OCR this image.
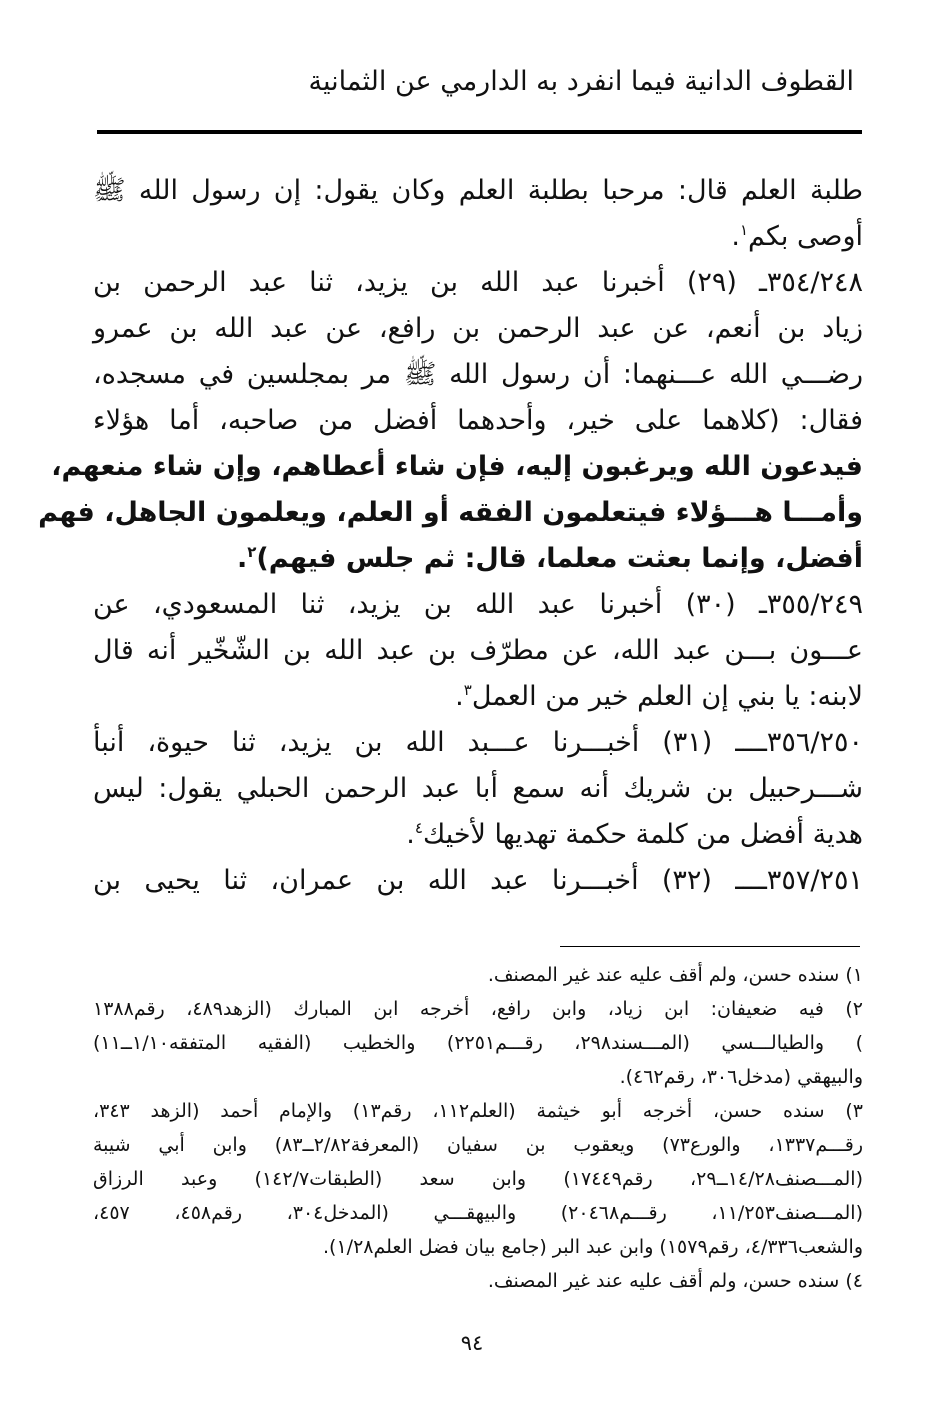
القطوف الدانية فيما انفرد به الدارمي عن الثمانية
طلبة العلم قال: مرحبا بطلبة العلم وكان يقول: إن رسول الله ﷺ
أوصى بكم$^١$.
٣٥٤/٢٤٨ـ (٢٩) أخبرنا عبد الله بن يزيد، ثنا عبد الرحمن بن
زياد بن أنعم، عن عبد الرحمن بن رافع، عن عبد الله بن عمرو
رضـــي الله عـــنهما: أن رسول الله ﷺ مر بمجلسين في مسجده،
فقال: (كلاهما على خير، وأحدهما أفضل من صاحبه، أما هؤلاء
فيدعون الله ويرغبون إليه، فإن شاء أعطاهم، وإن شاء منعهم،
وأمـــا هـــؤلاء فيتعلمون الفقه أو العلم، ويعلمون الجاهل، فهم
أفضل، وإنما بعثت معلما، قال: ثم جلس فيهم)$^٢$.
٣٥٥/٢٤٩ـ (٣٠) أخبرنا عبد الله بن يزيد، ثنا المسعودي، عن
عـــون بـــن عبد الله، عن مطرّف بن عبد الله بن الشّخّير أنه قال
لابنه: يا بني إن العلم خير من العمل$^٣$.
٣٥٦/٢٥٠ــــ (٣١) أخبـــرنا عـــبد الله بن يزيد، ثنا حيوة، أنبأ
شـــرحبيل بن شريك أنه سمع أبا عبد الرحمن الحبلي يقول: ليس
هدية أفضل من كلمة حكمة تهديها لأخيك$^٤$.
٣٥٧/٢٥١ــــ (٣٢) أخبـــرنا عبد الله بن عمران، ثنا يحيى بن
١) سنده حسن، ولم أقف عليه عند غير المصنف.
٢) فيه ضعيفان: ابن زياد، وابن رافع، أخرجه ابن المبارك (الزهد٤٨٩، رقم١٣٨٨
) والطيالـــسي (المـــسند٢٩٨، رقـــم٢٢٥١) والخطيب (الفقيه المتفقه١/١٠ــ١١)
والبيهقي (مدخل٣٠٦، رقم٤٦٢).
٣) سنده حسن، أخرجه أبو خيثمة (العلم١١٢، رقم١٣) والإمام أحمد (الزهد ٣٤٣،
رقـــم١٣٣٧، والورع٧٣) ويعقوب بن سفيان (المعرفة٢/٨٢ــ٨٣) وابن أبي شيبة
(المـــصنف١٤/٢٨ــ٢٩، رقم١٧٤٤٩) وابن سعد (الطبقات١٤٢/٧) وعبد الرزاق
(المـــصنف١١/٢٥٣، رقـــم٢٠٤٦٨) والبيهقـــي (المدخل٣٠٤، رقم٤٥٨، ٤٥٧،
والشعب٤/٣٣٦، رقم١٥٧٩) وابن عبد البر (جامع بيان فضل العلم١/٢٨).
٤) سنده حسن، ولم أقف عليه عند غير المصنف.
٩٤
